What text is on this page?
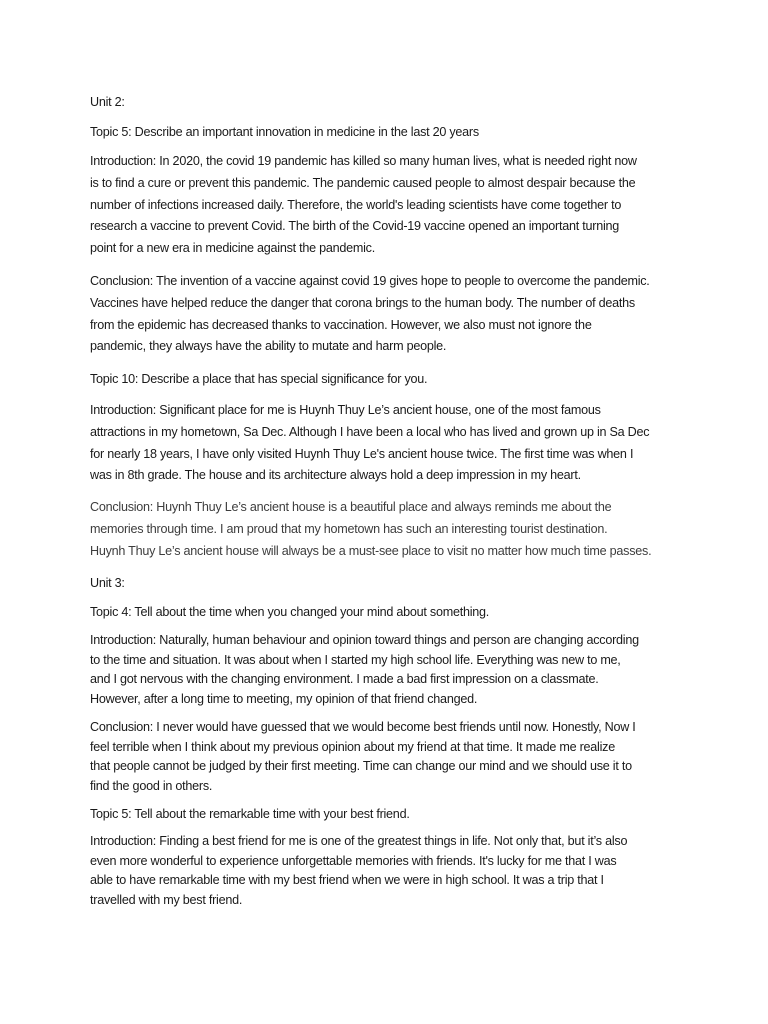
Unit 2:

Topic 5: Describe an important innovation in medicine in the last 20 years

Introduction: In 2020, the covid 19 pandemic has killed so many human lives, what is needed right now
is to find a cure or prevent this pandemic. The pandemic caused people to almost despair because the
number of infections increased daily. Therefore, the world's leading scientists have come together to
research a vaccine to prevent Covid. The birth of the Covid-19 vaccine opened an important turning
point for a new era in medicine against the pandemic.

Conclusion: The invention of a vaccine against covid 19 gives hope to people to overcome the pandemic.
Vaccines have helped reduce the danger that corona brings to the human body. The number of deaths
from the epidemic has decreased thanks to vaccination. However, we also must not ignore the
pandemic, they always have the ability to mutate and harm people.

Topic 10: Describe a place that has special significance for you.

Introduction: Significant place for me is Huynh Thuy Le’s ancient house, one of the most famous
attractions in my hometown, Sa Dec. Although I have been a local who has lived and grown up in Sa Dec
for nearly 18 years, I have only visited Huynh Thuy Le's ancient house twice. The first time was when I
was in 8th grade. The house and its architecture always hold a deep impression in my heart.

Conclusion: Huynh Thuy Le’s ancient house is a beautiful place and always reminds me about the
memories through time. I am proud that my hometown has such an interesting tourist destination.
Huynh Thuy Le’s ancient house will always be a must-see place to visit no matter how much time passes.

Unit 3:

Topic 4: Tell about the time when you changed your mind about something.

Introduction: Naturally, human behaviour and opinion toward things and person are changing according
to the time and situation. It was about when I started my high school life. Everything was new to me,
and I got nervous with the changing environment. I made a bad first impression on a classmate.
However, after a long time to meeting, my opinion of that friend changed.

Conclusion: I never would have guessed that we would become best friends until now. Honestly, Now I
feel terrible when I think about my previous opinion about my friend at that time. It made me realize
that people cannot be judged by their first meeting. Time can change our mind and we should use it to
find the good in others.

Topic 5: Tell about the remarkable time with your best friend.

Introduction: Finding a best friend for me is one of the greatest things in life. Not only that, but it’s also
even more wonderful to experience unforgettable memories with friends. It's lucky for me that I was
able to have remarkable time with my best friend when we were in high school. It was a trip that I
travelled with my best friend.
